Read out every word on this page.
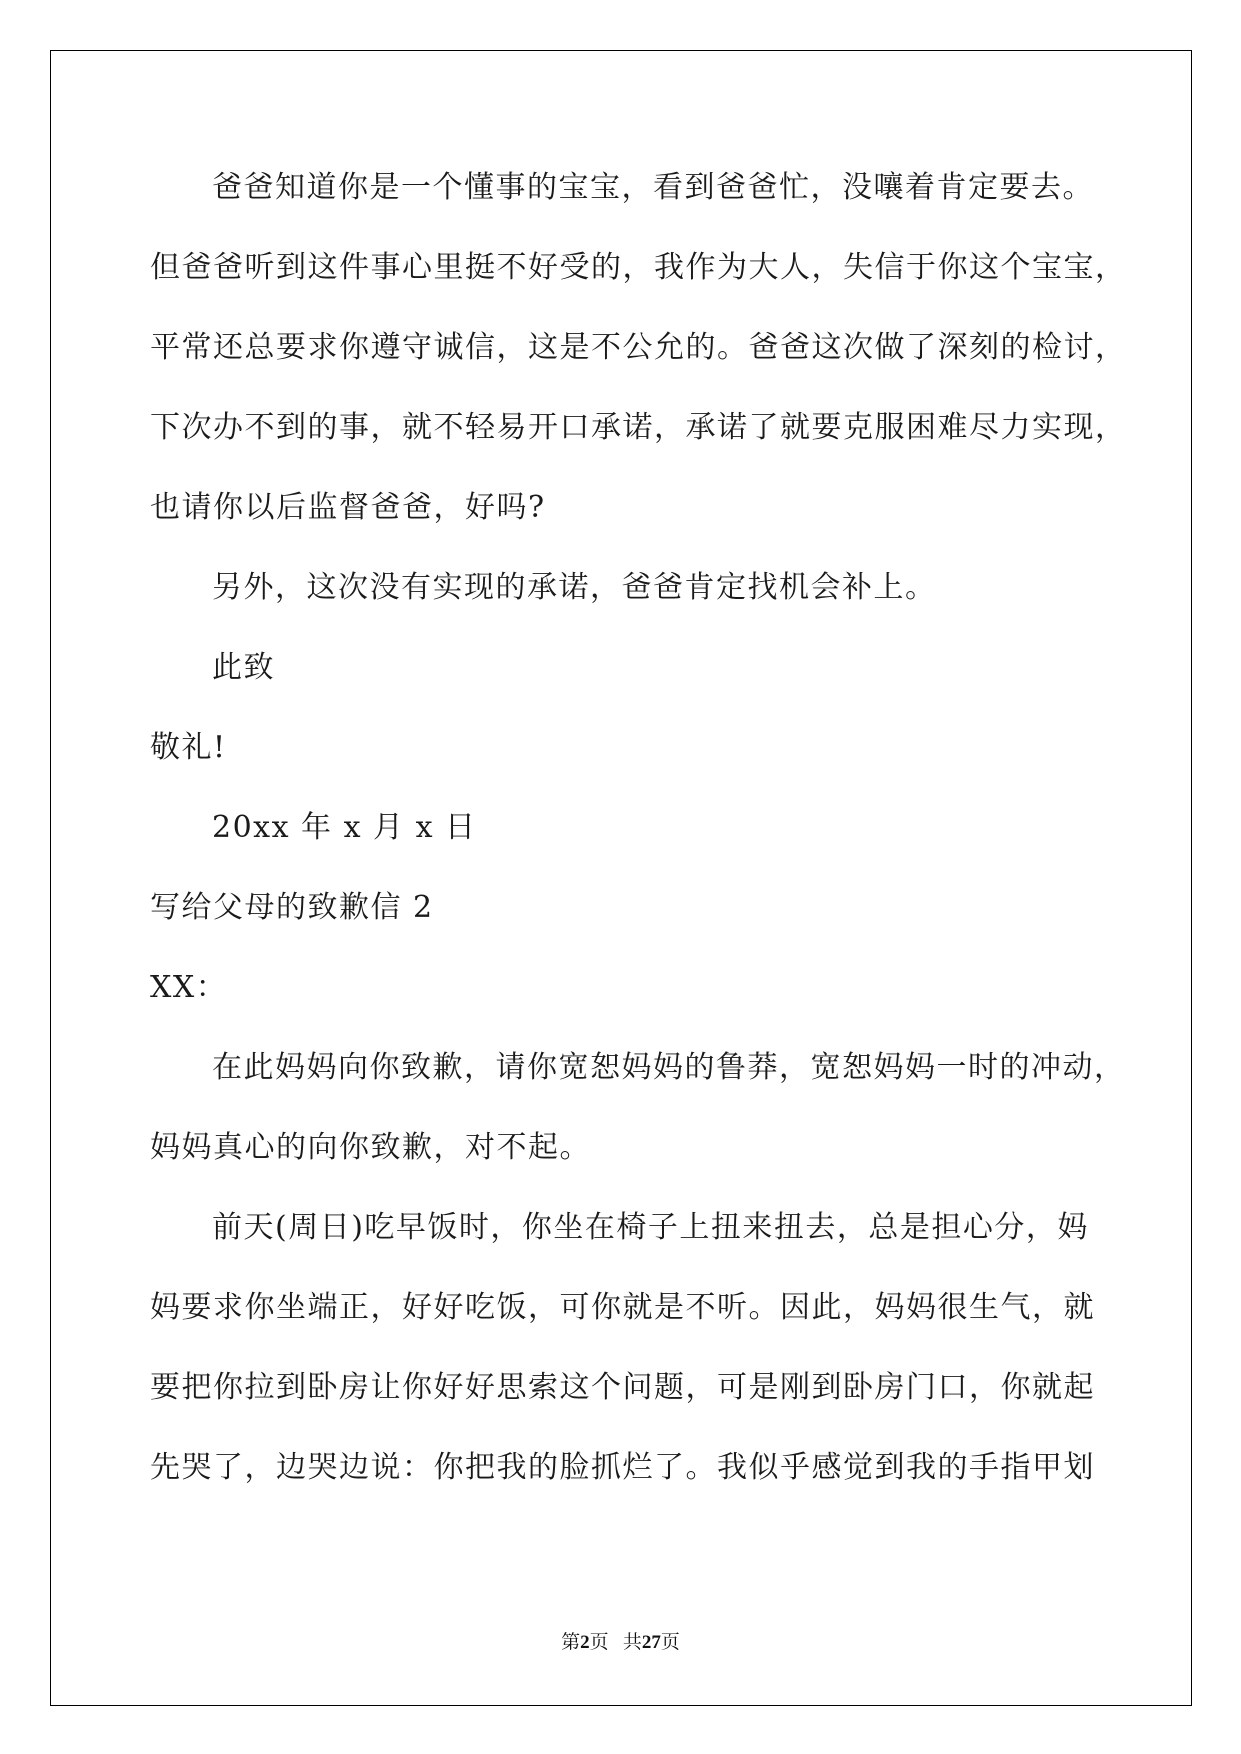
爸爸知道你是一个懂事的宝宝，看到爸爸忙，没嚷着肯定要去。

但爸爸听到这件事心里挺不好受的，我作为大人，失信于你这个宝宝，

平常还总要求你遵守诚信，这是不公允的。爸爸这次做了深刻的检讨，

下次办不到的事，就不轻易开口承诺，承诺了就要克服困难尽力实现，

也请你以后监督爸爸，好吗?

另外，这次没有实现的承诺，爸爸肯定找机会补上。

此致

敬礼!

20xx 年 x 月 x 日

写给父母的致歉信 2

XX：

在此妈妈向你致歉，请你宽恕妈妈的鲁莽，宽恕妈妈一时的冲动，

妈妈真心的向你致歉，对不起。

前天(周日)吃早饭时，你坐在椅子上扭来扭去，总是担心分，妈

妈要求你坐端正，好好吃饭，可你就是不听。因此，妈妈很生气，就

要把你拉到卧房让你好好思索这个问题，可是刚到卧房门口，你就起

先哭了，边哭边说：你把我的脸抓烂了。我似乎感觉到我的手指甲划

第2页 共27页
